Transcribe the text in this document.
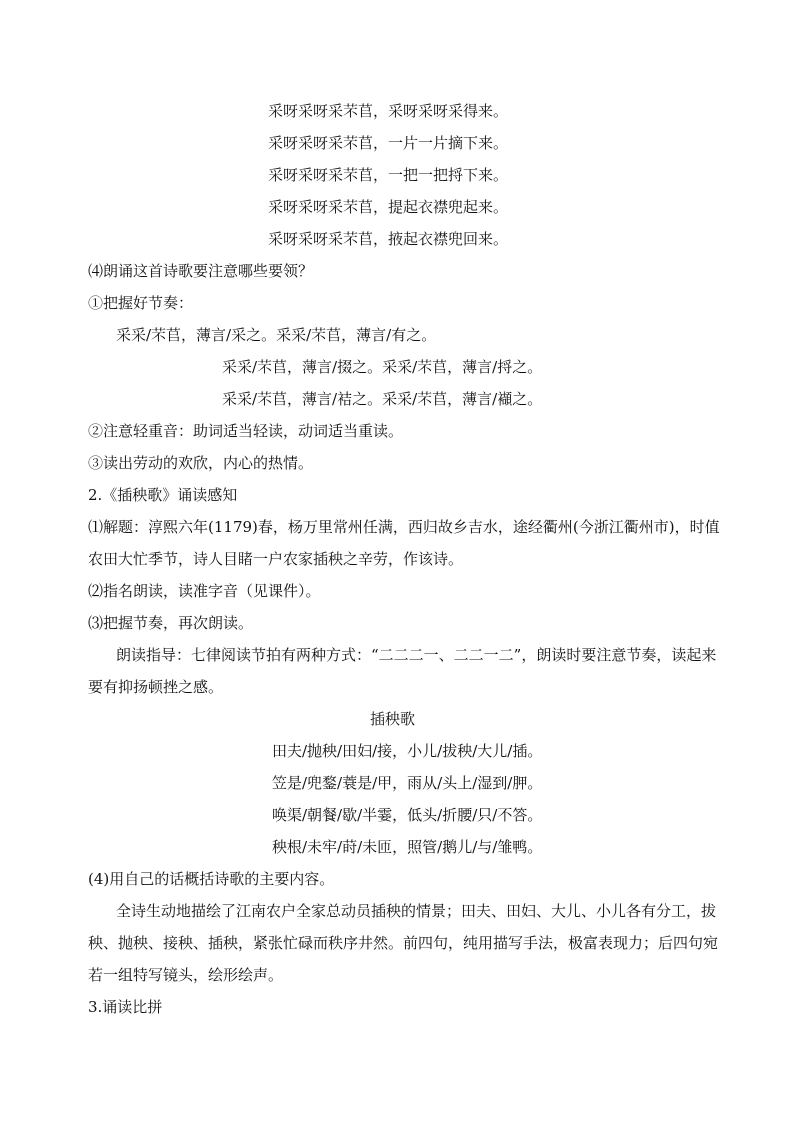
采呀采呀采芣苢，采呀采呀采得来。
采呀采呀采芣苢，一片一片摘下来。
采呀采呀采芣苢，一把一把捋下来。
采呀采呀采芣苢，提起衣襟兜起来。
采呀采呀采芣苢，掖起衣襟兜回来。
⑷朗诵这首诗歌要注意哪些要领？
①把握好节奏：
采采/芣苢，薄言/采之。采采/芣苢，薄言/有之。
采采/芣苢，薄言/掇之。采采/芣苢，薄言/捋之。
采采/芣苢，薄言/袺之。采采/芣苢，薄言/襭之。
②注意轻重音：助词适当轻读，动词适当重读。
③读出劳动的欢欣，内心的热情。
2.《插秧歌》诵读感知
⑴解题：淳熙六年(1179)春，杨万里常州任满，西归故乡吉水，途经衢州(今浙江衢州市)，时值农田大忙季节，诗人目睹一户农家插秧之辛劳，作该诗。
⑵指名朗读，读准字音（见课件）。
⑶把握节奏，再次朗读。
朗读指导：七律阅读节拍有两种方式：“二二二一、二二一二”，朗读时要注意节奏，读起来要有抑扬顿挫之感。
插秧歌
田夫/抛秧/田妇/接，小儿/拔秧/大儿/插。
笠是/兜鍪/蓑是/甲，雨从/头上/湿到/胛。
唤渠/朝餐/歇/半霎，低头/折腰/只/不答。
秧根/未牢/莳/未匝，照管/鹅儿/与/雏鸭。
(4)用自己的话概括诗歌的主要内容。
全诗生动地描绘了江南农户全家总动员插秧的情景；田夫、田妇、大儿、小儿各有分工，拔秧、抛秧、接秧、插秧，紧张忙碌而秩序井然。前四句，纯用描写手法，极富表现力；后四句宛若一组特写镜头，绘形绘声。
3.诵读比拼
